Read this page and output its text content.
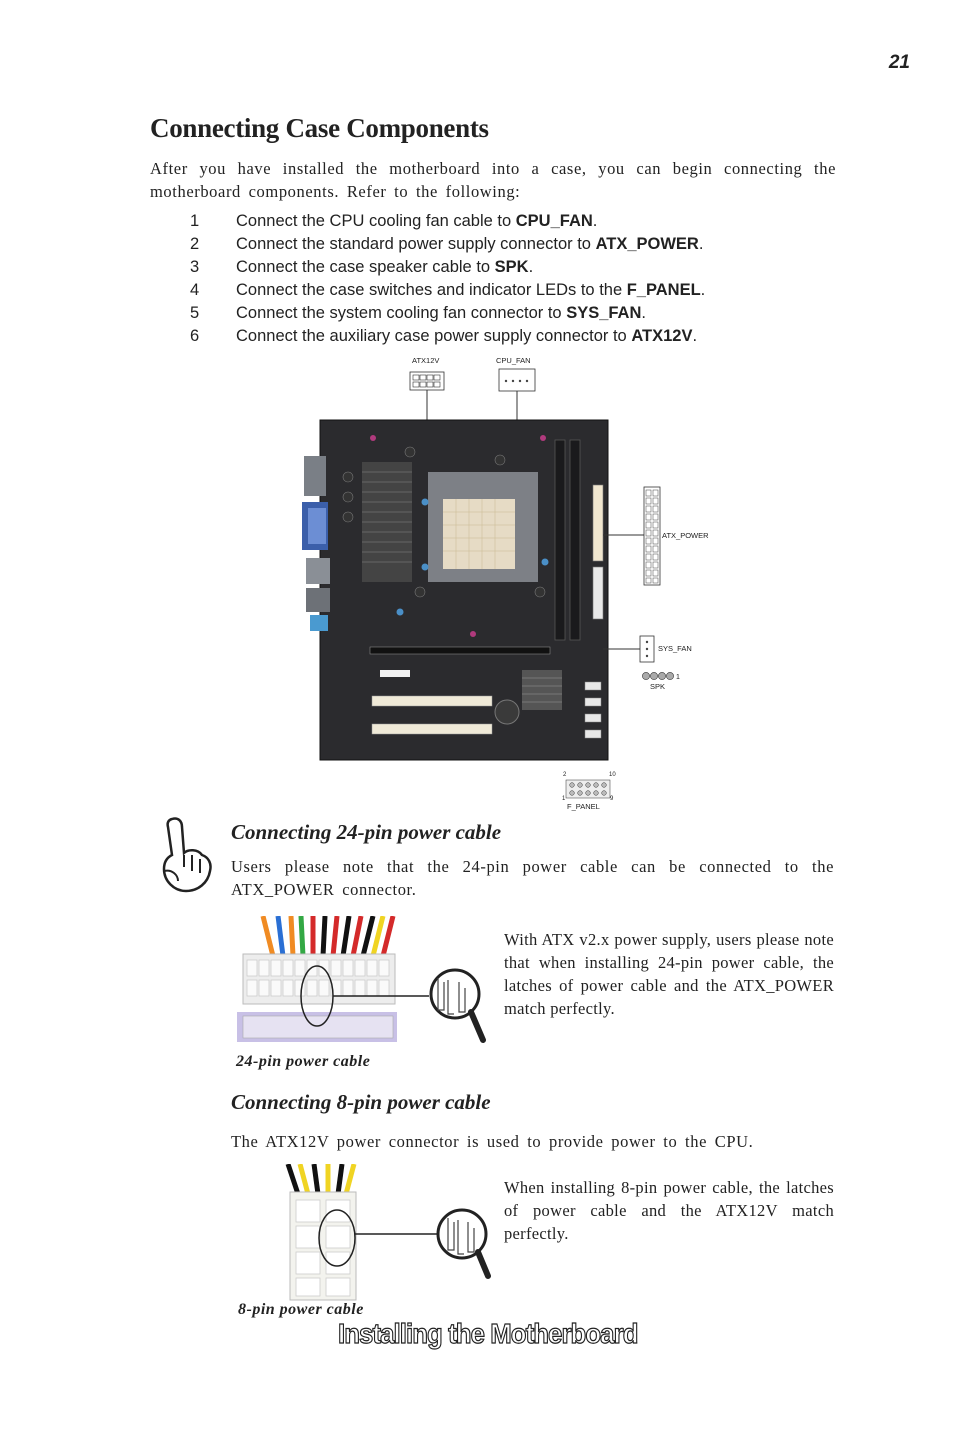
21
Connecting Case Components
After you have installed the motherboard into a case, you can begin connecting the motherboard components. Refer to the following:
1 Connect the CPU cooling fan cable to CPU_FAN.
2 Connect the standard power supply connector to ATX_POWER.
3 Connect the case speaker cable to SPK.
4 Connect the case switches and indicator LEDs to the F_PANEL.
5 Connect the system cooling fan connector to SYS_FAN.
6 Connect the auxiliary case power supply connector to ATX12V.
ATX12V	CPU_FAN
ATX_POWER
SYS_FAN
1
SPK
2	10
1	9
F_PANEL
Connecting 24-pin power cable
Users please note that the 24-pin power cable can be connected to the ATX_POWER connector.
With ATX v2.x power supply, users please note that when installing 24-pin power cable, the latches of power cable and the ATX_POWER match perfectly.
24-pin power cable
Connecting 8-pin power cable
The ATX12V power connector is used to provide power to the CPU.
When installing 8-pin power cable, the latches of power cable and the ATX12V match perfectly.
8-pin power cable
Installing the Motherboard
